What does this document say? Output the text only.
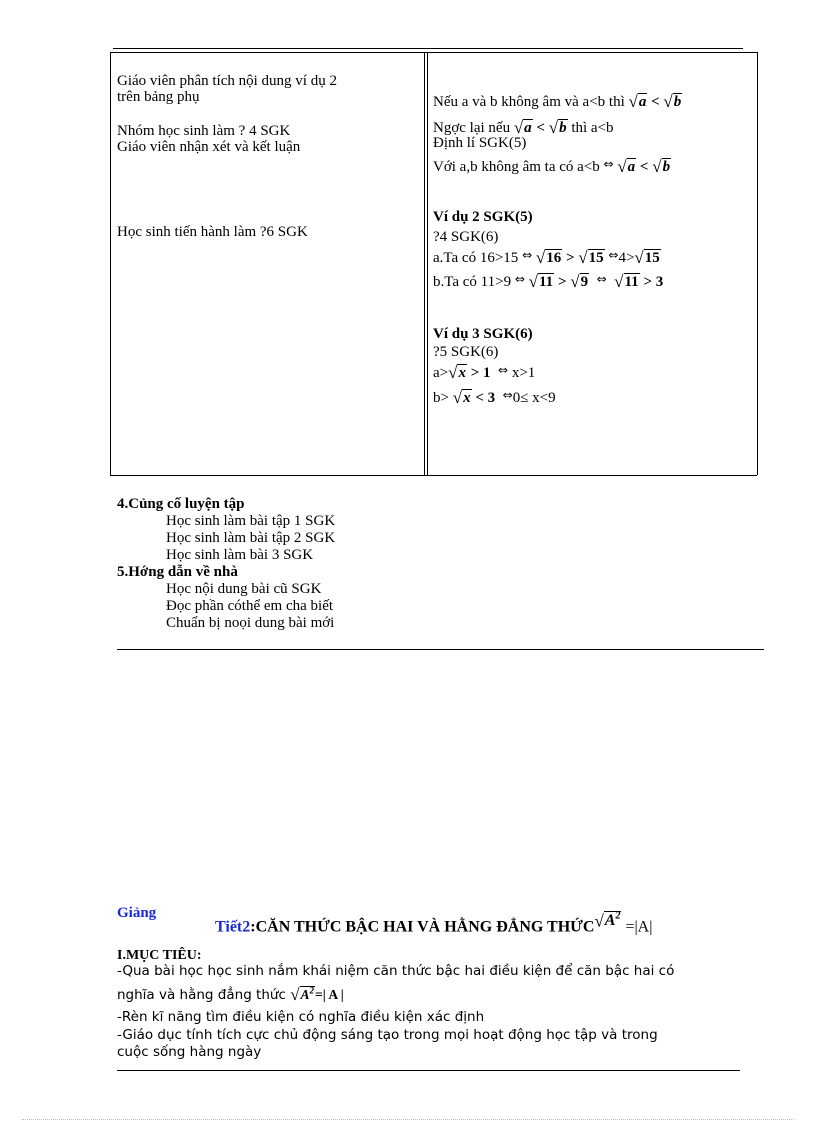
Giáo viên phân tích nội dung ví dụ 2
trên bảng phụ
Nhóm học sinh làm ? 4 SGK
Giáo viên nhận xét và kết luận
Học sinh tiến hành làm ?6 SGK
Nếu a và b không âm và a<b thì √a < √b
Ngợc lại nếu √a < √b thì a<b
Định lí SGK(5)
Với a,b không âm ta có a<b ⇔ √a < √b
Ví dụ 2 SGK(5)
?4 SGK(6)
a.Ta có 16>15 ⇔ √16 > √15 ⇔4>√15
b.Ta có 11>9 ⇔ √11 > √9 ⇔ √11 > 3
Ví dụ 3 SGK(6)
?5 SGK(6)
a>√x > 1 ⇔ x>1
b> √x < 3 ⇔0≤ x<9
4.Củng cố luyện tập
Học sinh làm bài tập 1 SGK
Học sinh làm bài tập 2 SGK
Học sinh làm bài 3 SGK
5.Hớng dẫn về nhà
Học nội dung bài cũ SGK
Đọc phần cóthể em cha biết
Chuẩn bị noọi dung bài mới
Giảng
Tiết2:CĂN THỨC BẬC HAI VÀ HẰNG ĐẲNG $THỨC√A^2 =|A|$
I.MỤC TIÊU:
-Qua bài học học sinh nắm khái niệm căn thức bậc hai điều kiện để căn bậc hai có
nghĩa và hằng đẳng thức $√A^2=|$ A |
-Rèn kĩ năng tìm điều kiện có nghĩa điều kiện xác định
-Giáo dục tính tích cực chủ động sáng tạo trong mọi hoạt động học tập và trong
cuộc sống hàng ngày
